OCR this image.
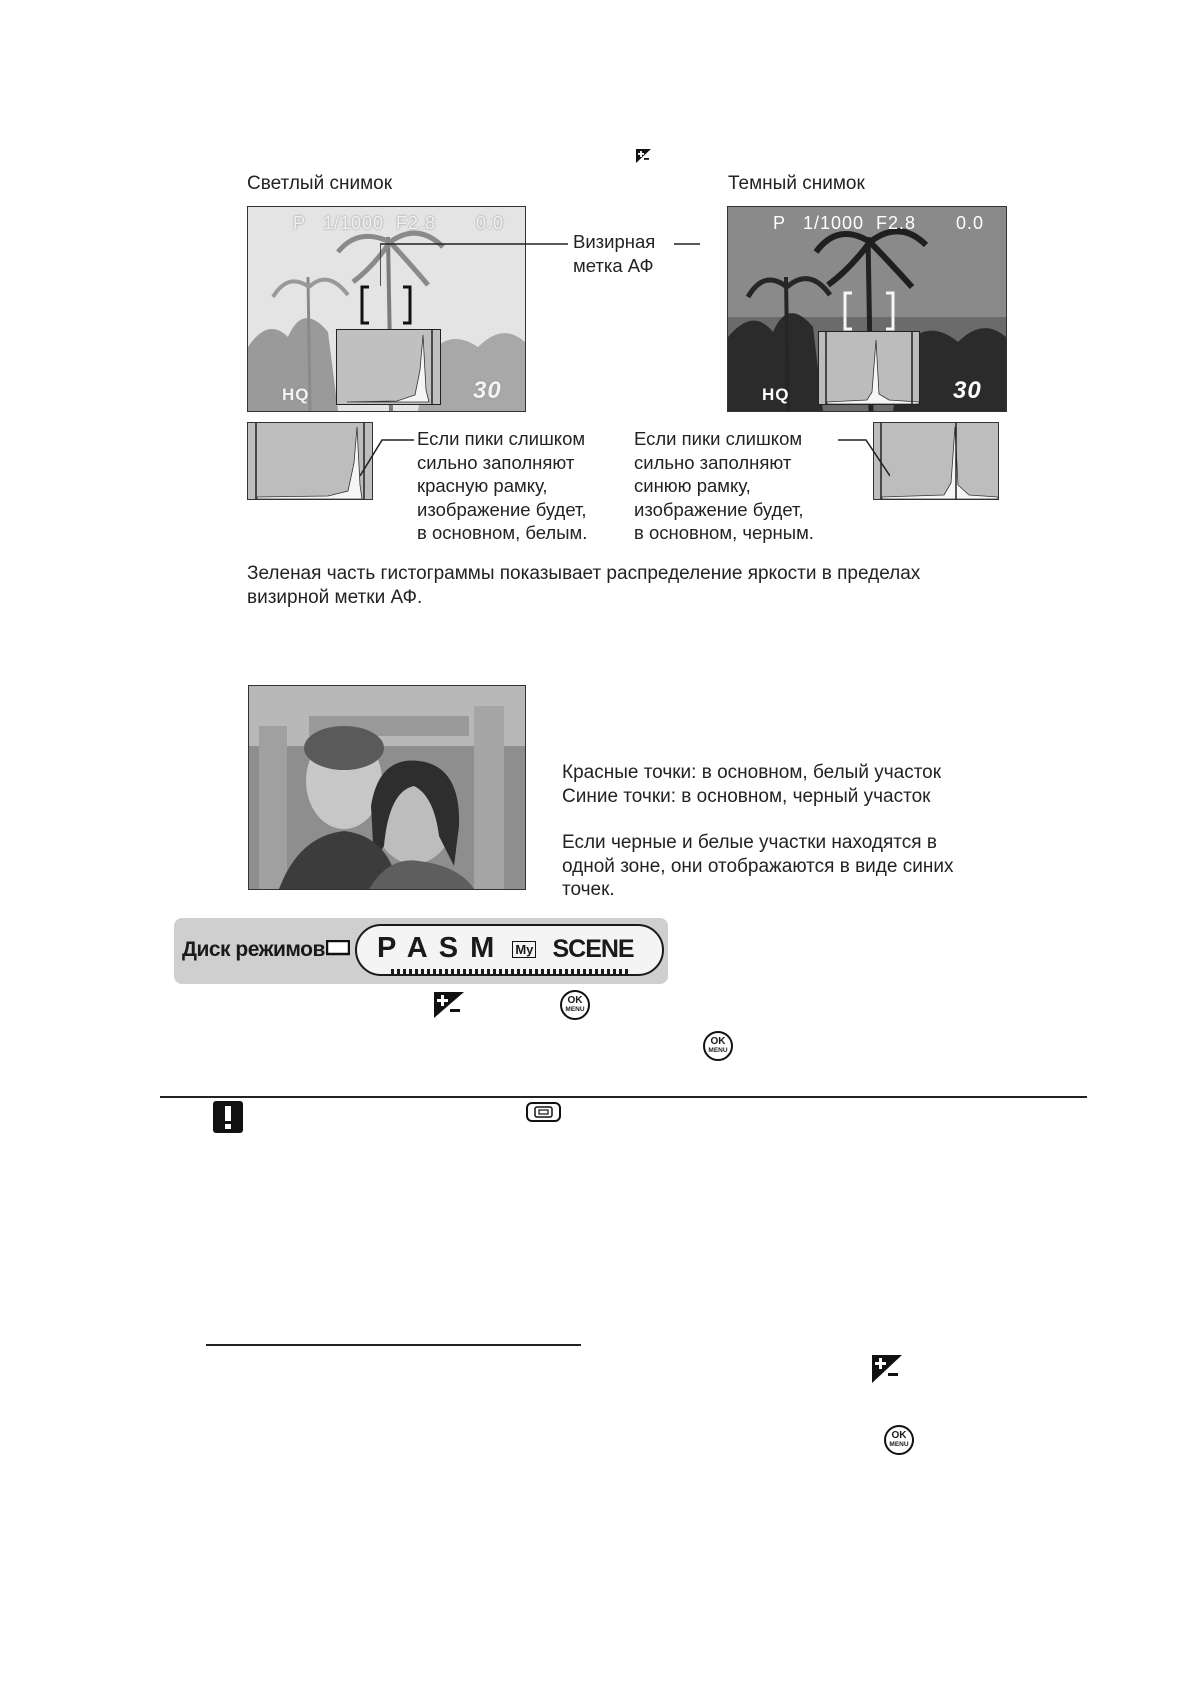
Светлый снимок	Темный снимок
P 1/1000 F2.8 0.0
HQ	30
P 1/1000 F2.8 0.0
HQ	30
Визирная
метка АФ
Если пики слишком
сильно заполняют
красную рамку,
изображение будет,
в основном, белым.
Если пики слишком
сильно заполняют
синюю рамку,
изображение будет,
в основном, черным.
Зеленая часть гистограммы показывает распределение яркости в пределах
визирной метки АФ.
Красные точки: в основном, белый участок
Синие точки: в основном, черный участок
Если черные и белые участки находятся в
одной зоне, они отображаются в виде синих
точек.
Диск режимов P A S M My SCENE
OK
MENU
OK
MENU
OK
MENU
